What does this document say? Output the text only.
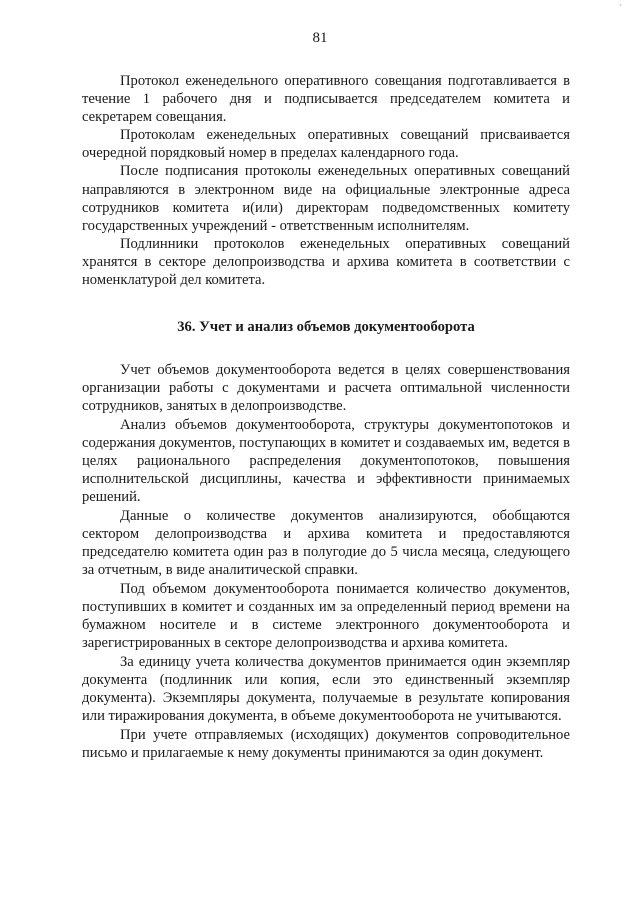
`
81

Протокол еженедельного оперативного совещания подготавливается в течение 1 рабочего дня и подписывается председателем комитета и секретарем совещания.

Протоколам еженедельных оперативных совещаний присваивается очередной порядковый номер в пределах календарного года.

После подписания протоколы еженедельных оперативных совещаний направляются в электронном виде на официальные электронные адреса сотрудников комитета и(или) директорам подведомственных комитету государственных учреждений - ответственным исполнителям.

Подлинники протоколов еженедельных оперативных совещаний хранятся в секторе делопроизводства и архива комитета в соответствии с номенклатурой дел комитета.

36. Учет и анализ объемов документооборота

Учет объемов документооборота ведется в целях совершенствования организации работы с документами и расчета оптимальной численности сотрудников, занятых в делопроизводстве.

Анализ объемов документооборота, структуры документопотоков и содержания документов, поступающих в комитет и создаваемых им, ведется в целях рационального распределения документопотоков, повышения исполнительской дисциплины, качества и эффективности принимаемых решений.

Данные о количестве документов анализируются, обобщаются сектором делопроизводства и архива комитета и предоставляются председателю комитета один раз в полугодие до 5 числа месяца, следующего за отчетным, в виде аналитической справки.

Под объемом документооборота понимается количество документов, поступивших в комитет и созданных им за определенный период времени на бумажном носителе и в системе электронного документооборота и зарегистрированных в секторе делопроизводства и архива комитета.

За единицу учета количества документов принимается один экземпляр документа (подлинник или копия, если это единственный экземпляр документа). Экземпляры документа, получаемые в результате копирования или тиражирования документа, в объеме документооборота не учитываются.

При учете отправляемых (исходящих) документов сопроводительное письмо и прилагаемые к нему документы принимаются за один документ.
